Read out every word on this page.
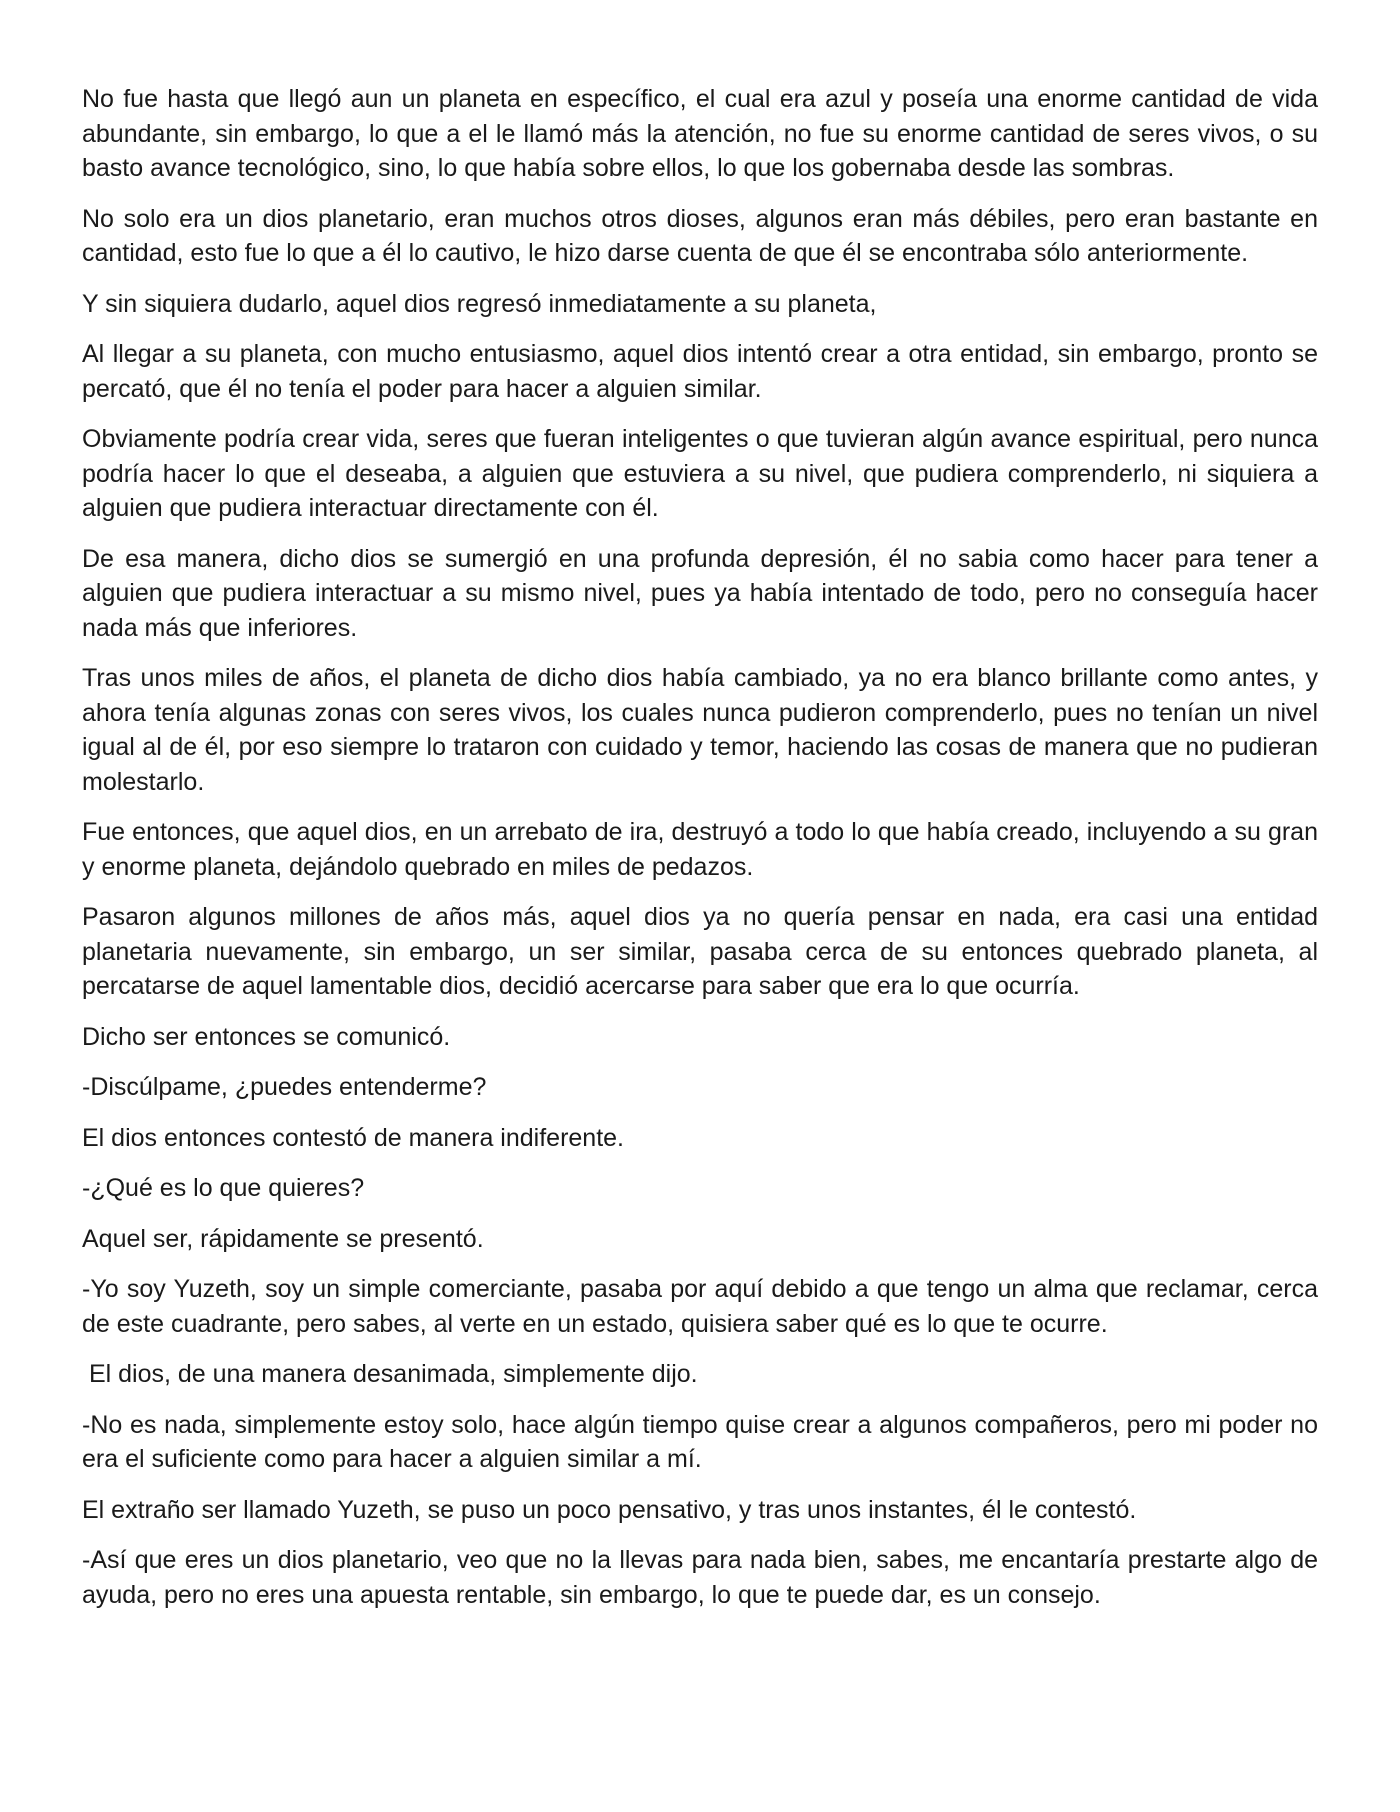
No fue hasta que llegó aun un planeta en específico, el cual era azul y poseía una enorme cantidad de vida abundante, sin embargo, lo que a el le llamó más la atención, no fue su enorme cantidad de seres vivos, o su basto avance tecnológico, sino, lo que había sobre ellos, lo que los gobernaba desde las sombras.

No solo era un dios planetario, eran muchos otros dioses, algunos eran más débiles, pero eran bastante en cantidad, esto fue lo que a él lo cautivo, le hizo darse cuenta de que él se encontraba sólo anteriormente.

Y sin siquiera dudarlo, aquel dios regresó inmediatamente a su planeta,

Al llegar a su planeta, con mucho entusiasmo, aquel dios intentó crear a otra entidad, sin embargo, pronto se percató, que él no tenía el poder para hacer a alguien similar.

Obviamente podría crear vida, seres que fueran inteligentes o que tuvieran algún avance espiritual, pero nunca podría hacer lo que el deseaba, a alguien que estuviera a su nivel, que pudiera comprenderlo, ni siquiera a alguien que pudiera interactuar directamente con él.

De esa manera, dicho dios se sumergió en una profunda depresión, él no sabia como hacer para tener a alguien que pudiera interactuar a su mismo nivel, pues ya había intentado de todo, pero no conseguía hacer nada más que inferiores.

Tras unos miles de años, el planeta de dicho dios había cambiado, ya no era blanco brillante como antes, y ahora tenía algunas zonas con seres vivos, los cuales nunca pudieron comprenderlo, pues no tenían un nivel igual al de él, por eso siempre lo trataron con cuidado y temor, haciendo las cosas de manera que no pudieran molestarlo.

Fue entonces, que aquel dios, en un arrebato de ira, destruyó a todo lo que había creado, incluyendo a su gran y enorme planeta, dejándolo quebrado en miles de pedazos.

Pasaron algunos millones de años más, aquel dios ya no quería pensar en nada, era casi una entidad planetaria nuevamente, sin embargo, un ser similar, pasaba cerca de su entonces quebrado planeta, al percatarse de aquel lamentable dios, decidió acercarse para saber que era lo que ocurría.

Dicho ser entonces se comunicó.

-Discúlpame, ¿puedes entenderme?

El dios entonces contestó de manera indiferente.

-¿Qué es lo que quieres?

Aquel ser, rápidamente se presentó.

-Yo soy Yuzeth, soy un simple comerciante, pasaba por aquí debido a que tengo un alma que reclamar, cerca de este cuadrante, pero sabes, al verte en un estado, quisiera saber qué es lo que te ocurre.

El dios, de una manera desanimada, simplemente dijo.

-No es nada, simplemente estoy solo, hace algún tiempo quise crear a algunos compañeros, pero mi poder no era el suficiente como para hacer a alguien similar a mí.

El extraño ser llamado Yuzeth, se puso un poco pensativo, y tras unos instantes, él le contestó.

-Así que eres un dios planetario, veo que no la llevas para nada bien, sabes, me encantaría prestarte algo de ayuda, pero no eres una apuesta rentable, sin embargo, lo que te puede dar, es un consejo.
